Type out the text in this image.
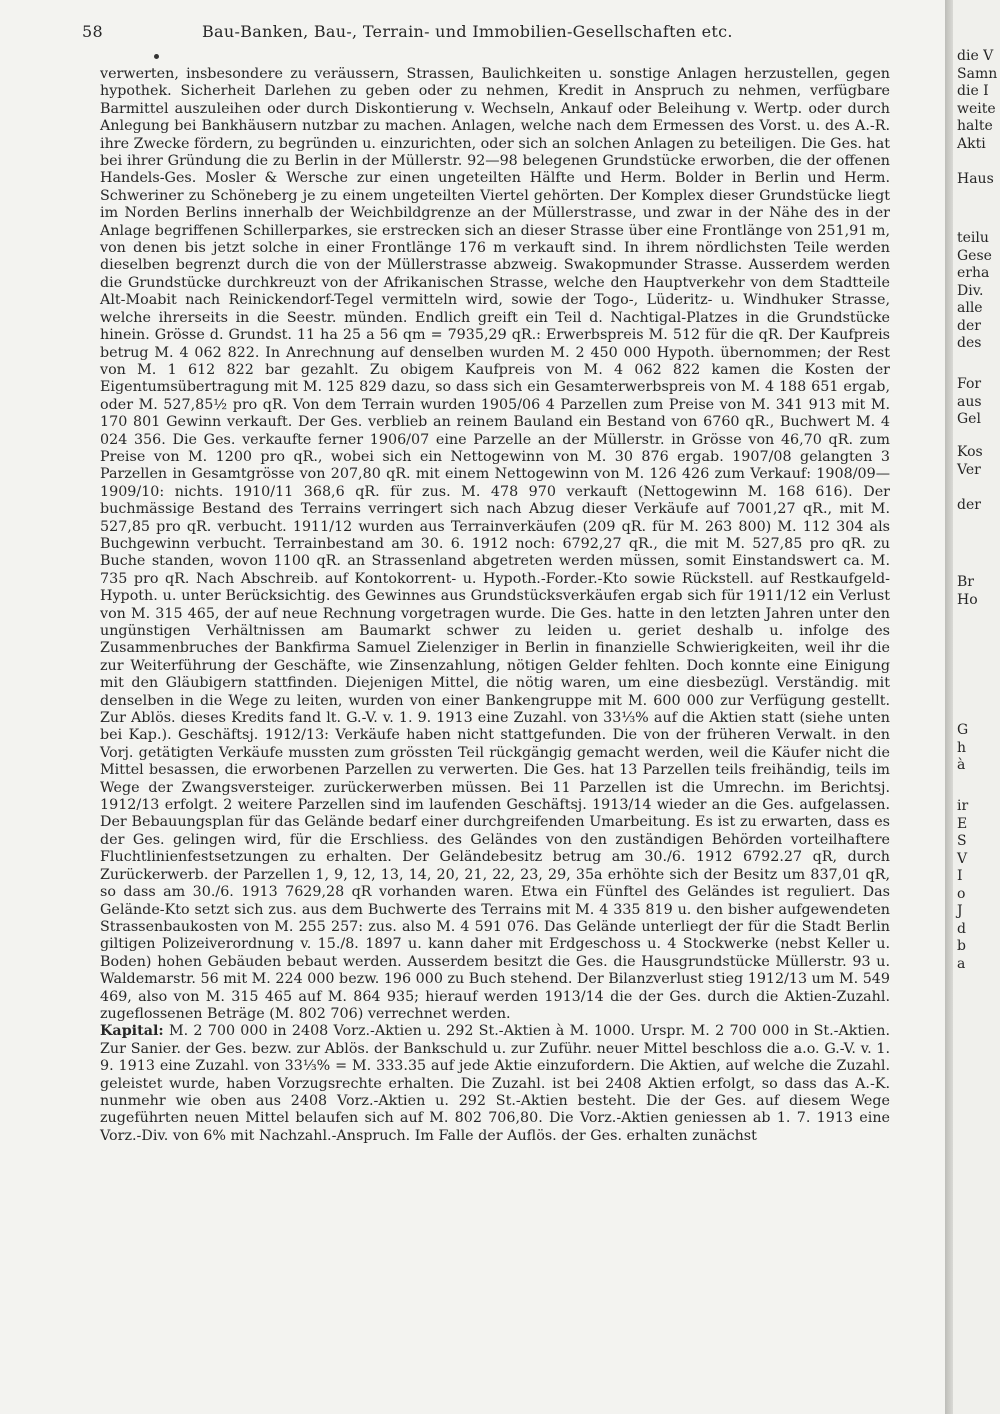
58	Bau-Banken, Bau-, Terrain- und Immobilien-Gesellschaften etc.

verwerten, insbesondere zu veräussern, Strassen, Baulichkeiten u. sonstige Anlagen herzustellen, gegen hypothek. Sicherheit Darlehen zu geben oder zu nehmen, Kredit in Anspruch zu nehmen, verfügbare Barmittel auszuleihen oder durch Diskontierung v. Wechseln, Ankauf oder Beleihung v. Wertp. oder durch Anlegung bei Bankhäusern nutzbar zu machen. Anlagen, welche nach dem Ermessen des Vorst. u. des A.-R. ihre Zwecke fördern, zu begründen u. einzurichten, oder sich an solchen Anlagen zu beteiligen. Die Ges. hat bei ihrer Gründung die zu Berlin in der Müllerstr. 92—98 belegenen Grundstücke erworben, die der offenen Handels-Ges. Mosler & Wersche zur einen ungeteilten Hälfte und Herm. Bolder in Berlin und Herm. Schweriner zu Schöneberg je zu einem ungeteilten Viertel gehörten. Der Komplex dieser Grundstücke liegt im Norden Berlins innerhalb der Weichbildgrenze an der Müllerstrasse, und zwar in der Nähe des in der Anlage begriffenen Schillerparkes, sie erstrecken sich an dieser Strasse über eine Frontlänge von 251,91 m, von denen bis jetzt solche in einer Frontlänge 176 m verkauft sind. In ihrem nördlichsten Teile werden dieselben begrenzt durch die von der Müllerstrasse abzweig. Swakopmunder Strasse. Ausserdem werden die Grundstücke durchkreuzt von der Afrikanischen Strasse, welche den Hauptverkehr von dem Stadtteile Alt-Moabit nach Reinickendorf-Tegel vermitteln wird, sowie der Togo-, Lüderitz- u. Windhuker Strasse, welche ihrerseits in die Seestr. münden. Endlich greift ein Teil d. Nachtigal-Platzes in die Grundstücke hinein. Grösse d. Grundst. 11 ha 25 a 56 qm = 7935,29 qR.: Erwerbspreis M. 512 für die qR. Der Kaufpreis betrug M. 4 062 822. In Anrechnung auf denselben wurden M. 2 450 000 Hypoth. übernommen; der Rest von M. 1 612 822 bar gezahlt. Zu obigem Kaufpreis von M. 4 062 822 kamen die Kosten der Eigentumsübertragung mit M. 125 829 dazu, so dass sich ein Gesamterwerbspreis von M. 4 188 651 ergab, oder M. 527,85½ pro qR. Von dem Terrain wurden 1905/06 4 Parzellen zum Preise von M. 341 913 mit M. 170 801 Gewinn verkauft. Der Ges. verblieb an reinem Bauland ein Bestand von 6760 qR., Buchwert M. 4 024 356. Die Ges. verkaufte ferner 1906/07 eine Parzelle an der Müllerstr. in Grösse von 46,70 qR. zum Preise von M. 1200 pro qR., wobei sich ein Nettogewinn von M. 30 876 ergab. 1907/08 gelangten 3 Parzellen in Gesamtgrösse von 207,80 qR. mit einem Nettogewinn von M. 126 426 zum Verkauf: 1908/09—1909/10: nichts. 1910/11 368,6 qR. für zus. M. 478 970 verkauft (Nettogewinn M. 168 616). Der buchmässige Bestand des Terrains verringert sich nach Abzug dieser Verkäufe auf 7001,27 qR., mit M. 527,85 pro qR. verbucht. 1911/12 wurden aus Terrainverkäufen (209 qR. für M. 263 800) M. 112 304 als Buchgewinn verbucht. Terrainbestand am 30. 6. 1912 noch: 6792,27 qR., die mit M. 527,85 pro qR. zu Buche standen, wovon 1100 qR. an Strassenland abgetreten werden müssen, somit Einstandswert ca. M. 735 pro qR. Nach Abschreib. auf Kontokorrent- u. Hypoth.-Forder.-Kto sowie Rückstell. auf Restkaufgeld-Hypoth. u. unter Berücksichtig. des Gewinnes aus Grundstücksverkäufen ergab sich für 1911/12 ein Verlust von M. 315 465, der auf neue Rechnung vorgetragen wurde. Die Ges. hatte in den letzten Jahren unter den ungünstigen Verhältnissen am Baumarkt schwer zu leiden u. geriet deshalb u. infolge des Zusammenbruches der Bankfirma Samuel Zielenziger in Berlin in finanzielle Schwierigkeiten, weil ihr die zur Weiterführung der Geschäfte, wie Zinsenzahlung, nötigen Gelder fehlten. Doch konnte eine Einigung mit den Gläubigern stattfinden. Diejenigen Mittel, die nötig waren, um eine diesbezügl. Verständig. mit denselben in die Wege zu leiten, wurden von einer Bankengruppe mit M. 600 000 zur Verfügung gestellt. Zur Ablös. dieses Kredits fand lt. G.-V. v. 1. 9. 1913 eine Zuzahl. von 33⅓% auf die Aktien statt (siehe unten bei Kap.). Geschäftsj. 1912/13: Verkäufe haben nicht stattgefunden. Die von der früheren Verwalt. in den Vorj. getätigten Verkäufe mussten zum grössten Teil rückgängig gemacht werden, weil die Käufer nicht die Mittel besassen, die erworbenen Parzellen zu verwerten. Die Ges. hat 13 Parzellen teils freihändig, teils im Wege der Zwangsversteiger. zurückerwerben müssen. Bei 11 Parzellen ist die Umrechn. im Berichtsj. 1912/13 erfolgt. 2 weitere Parzellen sind im laufenden Geschäftsj. 1913/14 wieder an die Ges. aufgelassen. Der Bebauungsplan für das Gelände bedarf einer durchgreifenden Umarbeitung. Es ist zu erwarten, dass es der Ges. gelingen wird, für die Erschliess. des Geländes von den zuständigen Behörden vorteilhaftere Fluchtlinienfestsetzungen zu erhalten. Der Geländebesitz betrug am 30./6. 1912 6792.27 qR, durch Zurückerwerb. der Parzellen 1, 9, 12, 13, 14, 20, 21, 22, 23, 29, 35a erhöhte sich der Besitz um 837,01 qR, so dass am 30./6. 1913 7629,28 qR vorhanden waren. Etwa ein Fünftel des Geländes ist reguliert. Das Gelände-Kto setzt sich zus. aus dem Buchwerte des Terrains mit M. 4 335 819 u. den bisher aufgewendeten Strassenbaukosten von M. 255 257: zus. also M. 4 591 076. Das Gelände unterliegt der für die Stadt Berlin giltigen Polizeiverordnung v. 15./8. 1897 u. kann daher mit Erdgeschoss u. 4 Stockwerke (nebst Keller u. Boden) hohen Gebäuden bebaut werden. Ausserdem besitzt die Ges. die Hausgrundstücke Müllerstr. 93 u. Waldemarstr. 56 mit M. 224 000 bezw. 196 000 zu Buch stehend. Der Bilanzverlust stieg 1912/13 um M. 549 469, also von M. 315 465 auf M. 864 935; hierauf werden 1913/14 die der Ges. durch die Aktien-Zuzahl. zugeflossenen Beträge (M. 802 706) verrechnet werden.

Kapital: M. 2 700 000 in 2408 Vorz.-Aktien u. 292 St.-Aktien à M. 1000. Urspr. M. 2 700 000 in St.-Aktien. Zur Sanier. der Ges. bezw. zur Ablös. der Bankschuld u. zur Zuführ. neuer Mittel beschloss die a.o. G.-V. v. 1. 9. 1913 eine Zuzahl. von 33⅓% = M. 333.35 auf jede Aktie einzufordern. Die Aktien, auf welche die Zuzahl. geleistet wurde, haben Vorzugsrechte erhalten. Die Zuzahl. ist bei 2408 Aktien erfolgt, so dass das A.-K. nunmehr wie oben aus 2408 Vorz.-Aktien u. 292 St.-Aktien besteht. Die der Ges. auf diesem Wege zugeführten neuen Mittel belaufen sich auf M. 802 706,80. Die Vorz.-Aktien geniessen ab 1. 7. 1913 eine Vorz.-Div. von 6% mit Nachzahl.-Anspruch. Im Falle der Auflös. der Ges. erhalten zunächst

die V
Samn
die I
weite
halte
Akti

Haus
teilu
Gese
erha
Div.
alle
der
des
For
aus
Gel
Kos
Ver

der
Br
Ho
G
h
à
ir
E
S
V
I
o
J
d
b
a
